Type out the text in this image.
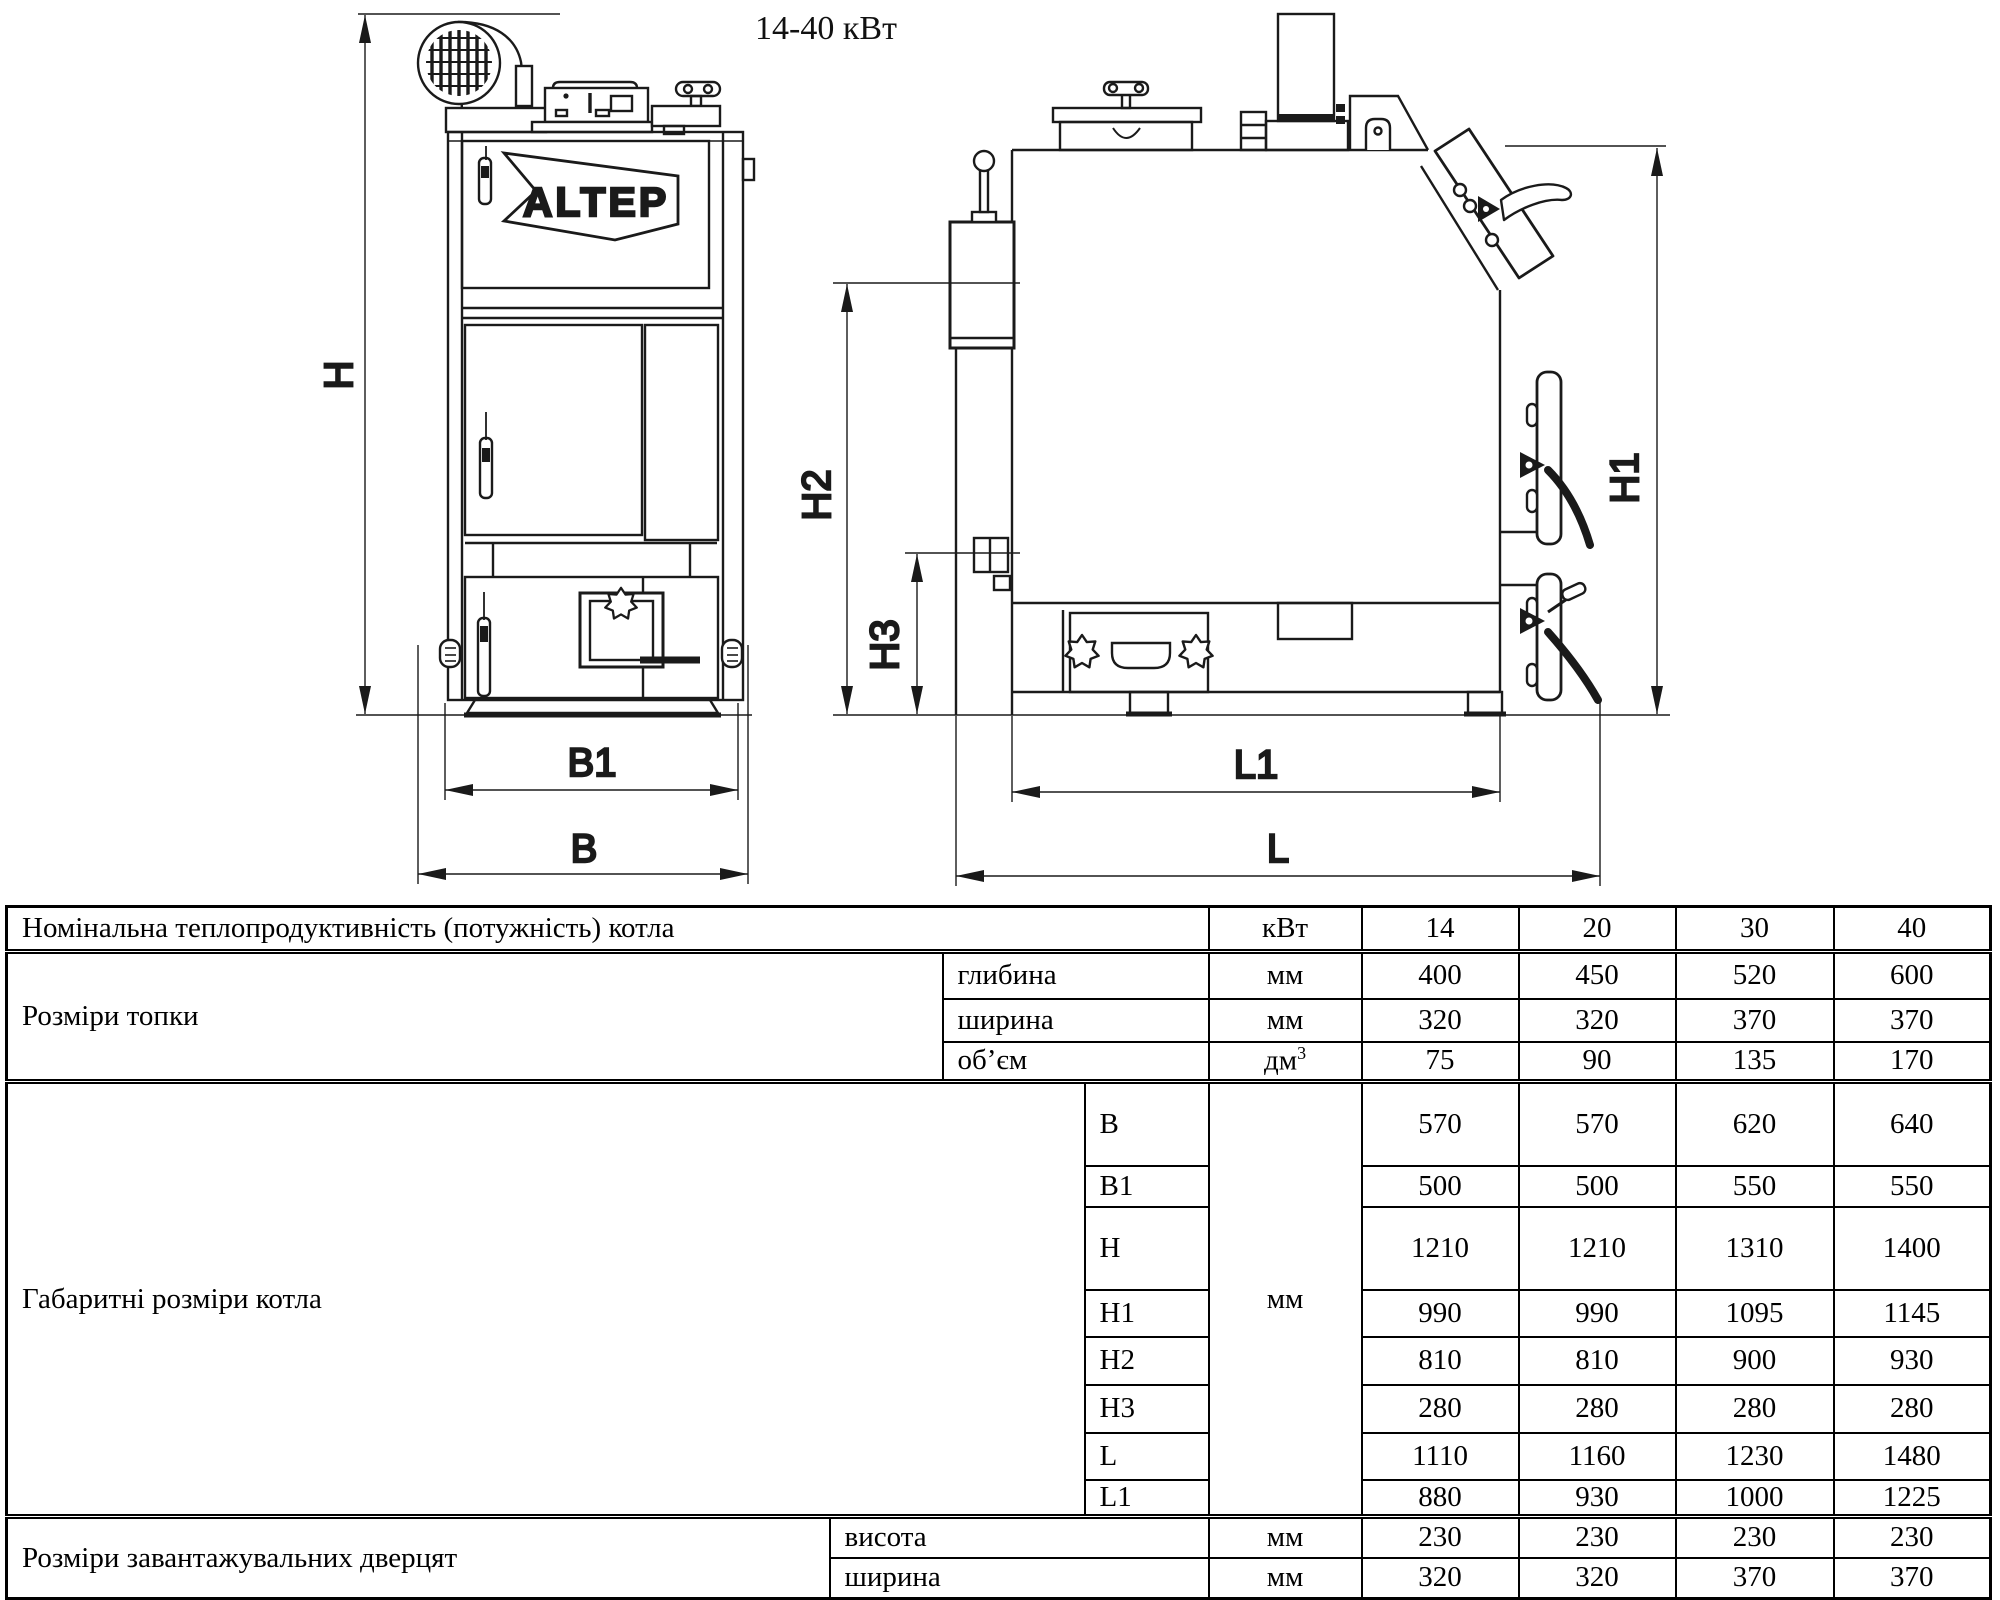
14-40 кВт
H
ALTEP
B1
B
H2
H3
H1
L1
L
Номінальна теплопродуктивність (потужність) котла				кВт	14	20	30	40
Розміри топки		глибина		мм	400	450	520	600
		ширина		мм	320	320	370	370
		об’єм		$дм^3$	75	90	135	170
Габаритні розміри котла			B	мм	570	570	620	640
			B1		500	500	550	550
			H		1210	1210	1310	1400
			H1		990	990	1095	1145
			H2		810	810	900	930
			H3		280	280	280	280
			L		1110	1160	1230	1480
			L1		880	930	1000	1225
Розміри завантажувальних дверцят	висота			мм	230	230	230	230
	ширина			мм	320	320	370	370
